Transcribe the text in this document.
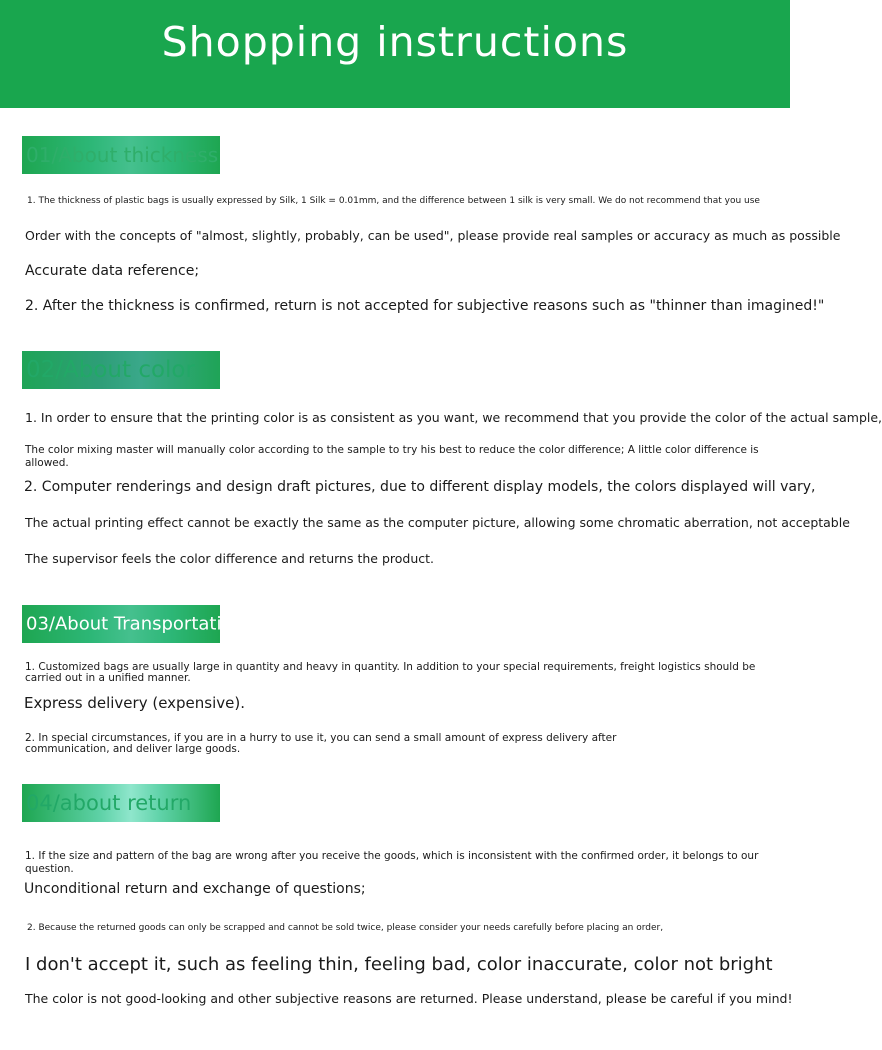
Shopping instructions
01/About thickness
1. The thickness of plastic bags is usually expressed by Silk, 1 Silk = 0.01mm, and the difference between 1 silk is very small. We do not recommend that you use
Order with the concepts of "almost, slightly, probably, can be used", please provide real samples or accuracy as much as possible
Accurate data reference;
2. After the thickness is confirmed, return is not accepted for subjective reasons such as "thinner than imagined!"
02/About color
1. In order to ensure that the printing color is as consistent as you want, we recommend that you provide the color of the actual sample,
The color mixing master will manually color according to the sample to try his best to reduce the color difference; A little color difference is allowed.
2. Computer renderings and design draft pictures, due to different display models, the colors displayed will vary,
The actual printing effect cannot be exactly the same as the computer picture, allowing some chromatic aberration, not acceptable
The supervisor feels the color difference and returns the product.
03/About Transportation
1. Customized bags are usually large in quantity and heavy in quantity. In addition to your special requirements, freight logistics should be carried out in a unified manner.
Express delivery (expensive).
2. In special circumstances, if you are in a hurry to use it, you can send a small amount of express delivery after communication, and deliver large goods.
04/about return
1. If the size and pattern of the bag are wrong after you receive the goods, which is inconsistent with the confirmed order, it belongs to our question.
Unconditional return and exchange of questions;
2. Because the returned goods can only be scrapped and cannot be sold twice, please consider your needs carefully before placing an order,
I don't accept it, such as feeling thin, feeling bad, color inaccurate, color not bright
The color is not good-looking and other subjective reasons are returned. Please understand, please be careful if you mind!
